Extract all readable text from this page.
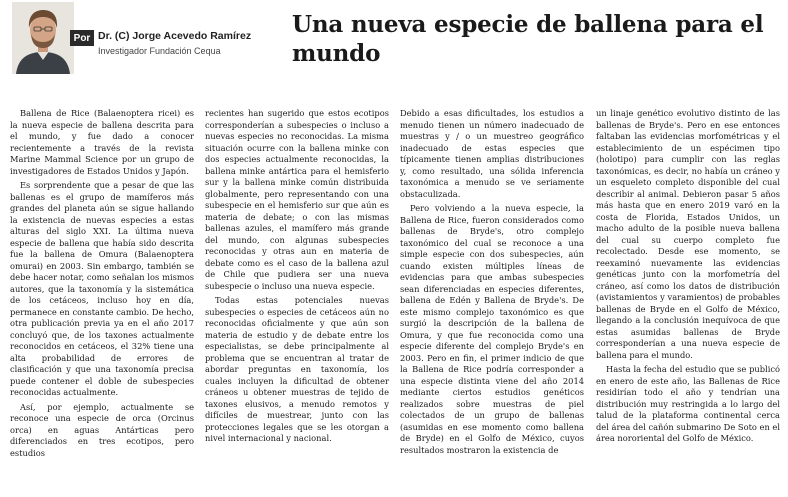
Por Dr. (C) Jorge Acevedo Ramírez
Investigador Fundación Cequa
Una nueva especie de ballena para el mundo

Ballena de Rice (Balaenoptera ricei) es la nueva especie de ballena descrita para el mundo, y fue dado a conocer recientemente a través de la revista Marine Mammal Science por un grupo de investigadores de Estados Unidos y Japón.

Es sorprendente que a pesar de que las ballenas es el grupo de mamíferos más grandes del planeta aún se sigue hallando la existencia de nuevas especies a estas alturas del siglo XXI. La última nueva especie de ballena que había sido descrita fue la ballena de Omura (Balaenoptera omurai) en 2003. Sin embargo, también se debe hacer notar, como señalan los mismos autores, que la taxonomía y la sistemática de los cetáceos, incluso hoy en día, permanece en constante cambio. De hecho, otra publicación previa ya en el año 2017 concluyó que, de los taxones actualmente reconocidos en cetáceos, el 32% tiene una alta probabilidad de errores de clasificación y que una taxonomía precisa puede contener el doble de subespecies reconocidas actualmente.

Así, por ejemplo, actualmente se reconoce una especie de orca (Orcinus orca) en aguas Antárticas pero diferenciados en tres ecotipos, pero estudios

recientes han sugerido que estos ecotipos corresponderían a subespecies o incluso a nuevas especies no reconocidas. La misma situación ocurre con la ballena minke con dos especies actualmente reconocidas, la ballena minke antártica para el hemisferio sur y la ballena minke común distribuida globalmente, pero representando con una subespecie en el hemisferio sur que aún es materia de debate; o con las mismas ballenas azules, el mamífero más grande del mundo, con algunas subespecies reconocidas y otras aun en materia de debate como es el caso de la ballena azul de Chile que pudiera ser una nueva subespecie o incluso una nueva especie.

Todas estas potenciales nuevas subespecies o especies de cetáceos aún no reconocidas oficialmente y que aún son materia de estudio y de debate entre los especialistas, se debe principalmente al problema que se encuentran al tratar de abordar preguntas en taxonomía, los cuales incluyen la dificultad de obtener cráneos u obtener muestras de tejido de taxones elusivos, a menudo remotos y difíciles de muestrear, junto con las protecciones legales que se les otorgan a nivel internacional y nacional.

Debido a esas dificultades, los estudios a menudo tienen un número inadecuado de muestras y / o un muestreo geográfico inadecuado de estas especies que típicamente tienen amplias distribuciones y, como resultado, una sólida inferencia taxonómica a menudo se ve seriamente obstaculizada.

Pero volviendo a la nueva especie, la Ballena de Rice, fueron considerados como ballenas de Bryde's, otro complejo taxonómico del cual se reconoce a una simple especie con dos subespecies, aún cuando existen múltiples líneas de evidencias para que ambas subespecies sean diferenciadas en especies diferentes, ballena de Edén y Ballena de Bryde's. De este mismo complejo taxonómico es que surgió la descripción de la ballena de Omura, y que fue reconocida como una especie diferente del complejo Bryde's en 2003. Pero en fin, el primer indicio de que la Ballena de Rice podría corresponder a una especie distinta viene del año 2014 mediante ciertos estudios genéticos realizados sobre muestras de piel colectados de un grupo de ballenas (asumidas en ese momento como ballena de Bryde) en el Golfo de México, cuyos resultados mostraron la existencia de

un linaje genético evolutivo distinto de las ballenas de Bryde's. Pero en ese entonces faltaban las evidencias morfométricas y el establecimiento de un espécimen tipo (holotipo) para cumplir con las reglas taxonómicas, es decir, no había un cráneo y un esqueleto completo disponible del cual describir al animal. Debieron pasar 5 años más hasta que en enero 2019 varó en la costa de Florida, Estados Unidos, un macho adulto de la posible nueva ballena del cual su cuerpo completo fue recolectado. Desde ese momento, se reexaminó nuevamente las evidencias genéticas junto con la morfometría del cráneo, así como los datos de distribución (avistamientos y varamientos) de probables ballenas de Bryde en el Golfo de México, llegando a la conclusión inequívoca de que estas asumidas ballenas de Bryde corresponderían a una nueva especie de ballena para el mundo.

Hasta la fecha del estudio que se publicó en enero de este año, las Ballenas de Rice residirían todo el año y tendrían una distribución muy restringida a lo largo del talud de la plataforma continental cerca del área del cañón submarino De Soto en el área nororiental del Golfo de México.
